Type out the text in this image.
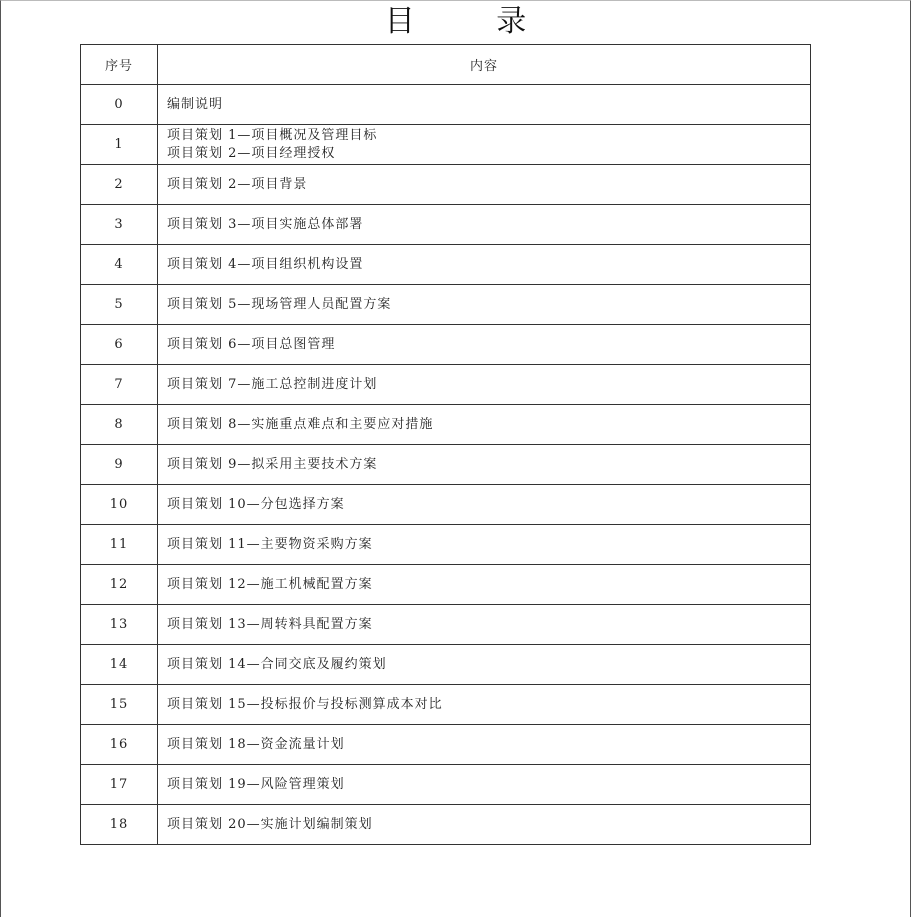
目 录
序号	内容
0	编制说明

1	项目策划 1—项目概况及管理目标
项目策划 2—项目经理授权

2	项目策划 2—项目背景

3	项目策划 3—项目实施总体部署

4	项目策划 4—项目组织机构设置

5	项目策划 5—现场管理人员配置方案

6	项目策划 6—项目总图管理

7	项目策划 7—施工总控制进度计划

8	项目策划 8—实施重点难点和主要应对措施

9	项目策划 9—拟采用主要技术方案

10	项目策划 10—分包选择方案

11	项目策划 11—主要物资采购方案

12	项目策划 12—施工机械配置方案

13	项目策划 13—周转料具配置方案

14	项目策划 14—合同交底及履约策划

15	项目策划 15—投标报价与投标测算成本对比

16	项目策划 18—资金流量计划

17	项目策划 19—风险管理策划

18	项目策划 20—实施计划编制策划
